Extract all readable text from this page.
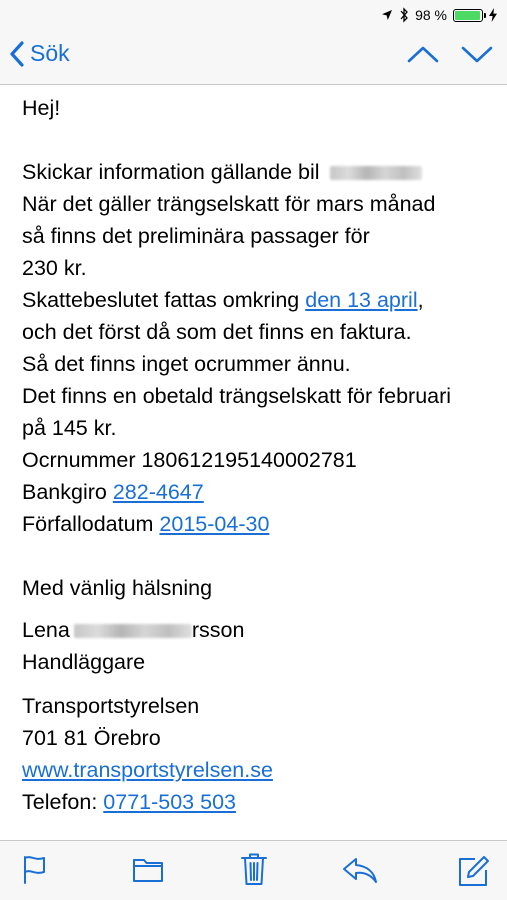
98 %
Sök
Hej!
Skickar information gällande bil
När det gäller trängselskatt för mars månad
så finns det preliminära passager för
230 kr.
Skattebeslutet fattas omkring den 13 april,
och det först då som det finns en faktura.
Så det finns inget ocrummer ännu.
Det finns en obetald trängselskatt för februari
på 145 kr.
Ocrnummer 180612195140002781
Bankgiro 282-4647
Förfallodatum 2015-04-30
Med vänlig hälsning
Lena	rsson
Handläggare
Transportstyrelsen
701 81 Örebro
www.transportstyrelsen.se
Telefon: 0771-503 503
